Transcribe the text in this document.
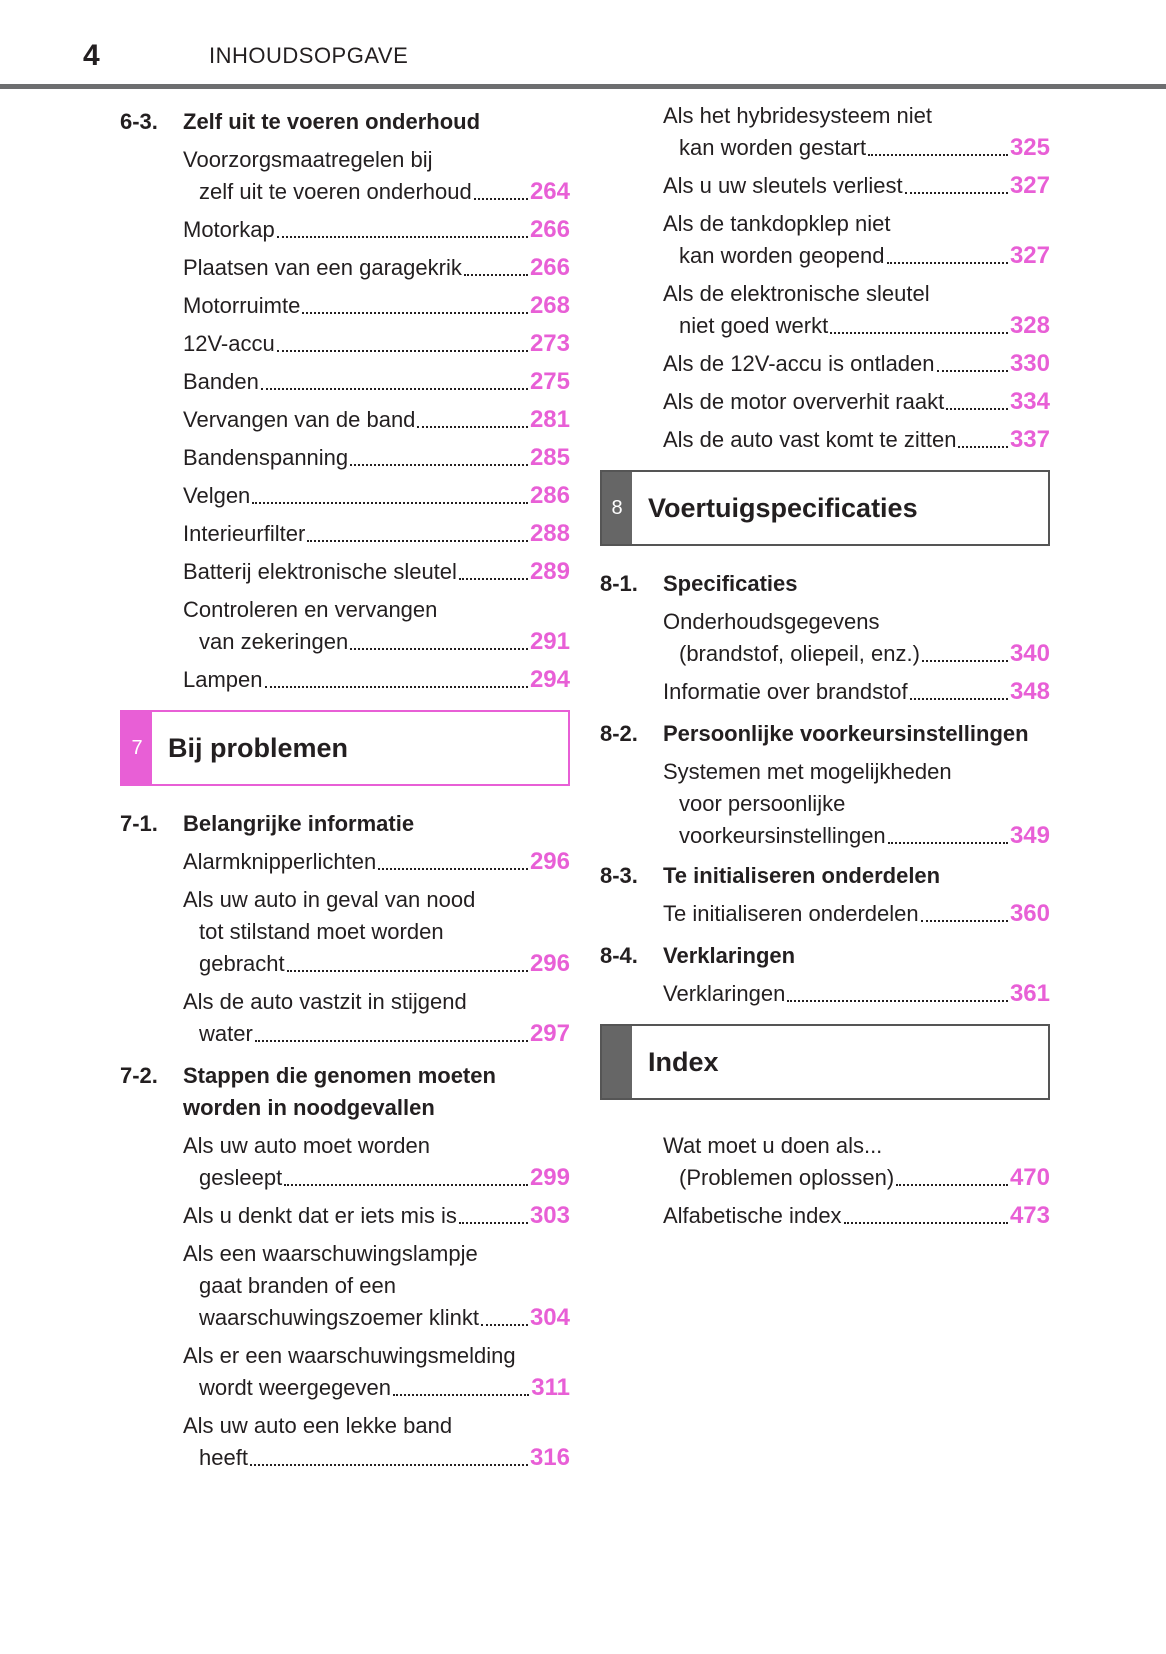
4	INHOUDSOPGAVE
6-3.	Zelf uit te voeren onderhoud
Voorzorgsmaatregelen bij
zelf uit te voeren onderhoud 264
Motorkap	266
Plaatsen van een garagekrik	266
Motorruimte	268
12V-accu	273
Banden	275
Vervangen van de band	281
Bandenspanning	285
Velgen	286
Interieurfilter	288
Batterij elektronische sleutel	289
Controleren en vervangen
van zekeringen	291
Lampen	294
7 Bij problemen
7-1.	Belangrijke informatie
Alarmknipperlichten	296
Als uw auto in geval van nood
tot stilstand moet worden
gebracht	296
Als de auto vastzit in stijgend
water	297
7-2.	Stappen die genomen moeten worden in noodgevallen
Als uw auto moet worden
gesleept	299
Als u denkt dat er iets mis is	303
Als een waarschuwingslampje
gaat branden of een
waarschuwingszoemer klinkt 304
Als er een waarschuwingsmelding
wordt weergegeven	311
Als uw auto een lekke band
heeft	316
Als het hybridesysteem niet
kan worden gestart	325
Als u uw sleutels verliest	327
Als de tankdopklep niet
kan worden geopend	327
Als de elektronische sleutel
niet goed werkt	328
Als de 12V-accu is ontladen	330
Als de motor oververhit raakt	334
Als de auto vast komt te zitten 337
8 Voertuigspecificaties
8-1.	Specificaties
Onderhoudsgegevens
(brandstof, oliepeil, enz.)	340
Informatie over brandstof	348
8-2.	Persoonlijke voorkeursinstellingen
Systemen met mogelijkheden
voor persoonlijke
voorkeursinstellingen	349
8-3.	Te initialiseren onderdelen
Te initialiseren onderdelen	360
8-4.	Verklaringen
Verklaringen	361
Index
Wat moet u doen als...
(Problemen oplossen)	470
Alfabetische index	473
